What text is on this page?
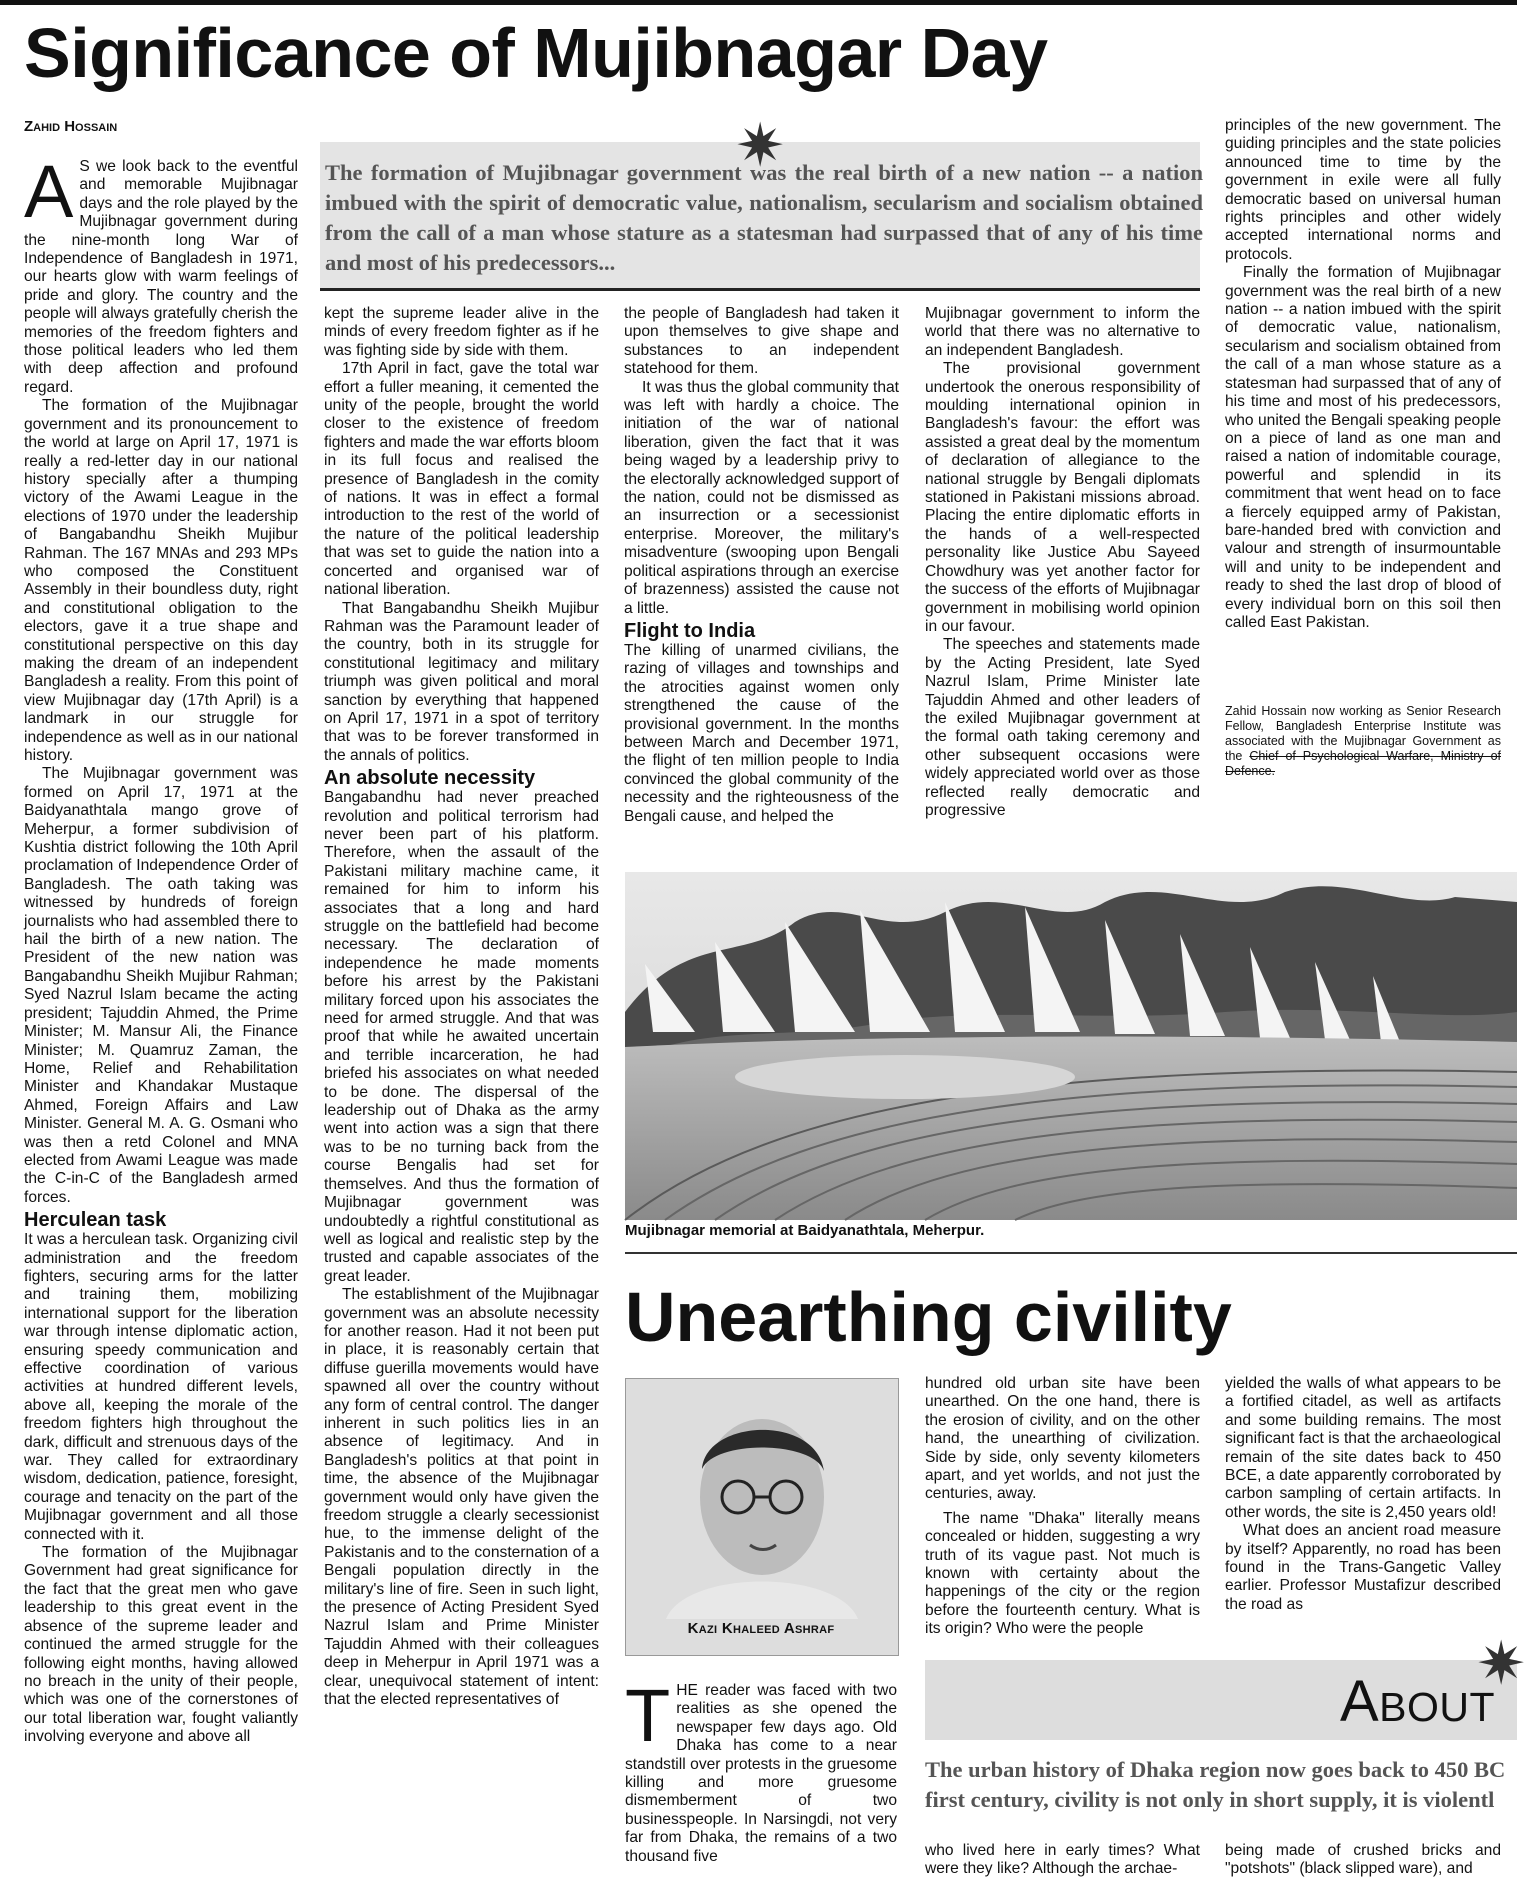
Significance of Mujibnagar Day
Zahid Hossain	✷
The formation of Mujibnagar government was the real birth of a new nation -- a nation imbued with the spirit of democratic value, nationalism, secularism and socialism obtained from the call of a man whose stature as a statesman had surpassed that of any of his time and most of his predecessors...

A S we look back to the eventful and memorable Mujibnagar days and the role played by the Mujibnagar government during the nine-month long War of Independence of Bangladesh in 1971, our hearts glow with warm feelings of pride and glory. The country and the people will always gratefully cherish the memories of the freedom fighters and those political leaders who led them with deep affection and profound regard.

The formation of the Mujibnagar government and its pronouncement to the world at large on April 17, 1971 is really a red-letter day in our national history specially after a thumping victory of the Awami League in the elections of 1970 under the leadership of Bangabandhu Sheikh Mujibur Rahman. The 167 MNAs and 293 MPs who composed the Constituent Assembly in their boundless duty, right and constitutional obligation to the electors, gave it a true shape and constitutional perspective on this day making the dream of an independent Bangladesh a reality. From this point of view Mujibnagar day (17th April) is a landmark in our struggle for independence as well as in our national history.

The Mujibnagar government was formed on April 17, 1971 at the Baidyanathtala mango grove of Meherpur, a former subdivision of Kushtia district following the 10th April proclamation of Independence Order of Bangladesh. The oath taking was witnessed by hundreds of foreign journalists who had assembled there to hail the birth of a new nation. The President of the new nation was Bangabandhu Sheikh Mujibur Rahman; Syed Nazrul Islam became the acting president; Tajuddin Ahmed, the Prime Minister; M. Mansur Ali, the Finance Minister; M. Quamruz Zaman, the Home, Relief and Rehabilitation Minister and Khandakar Mustaque Ahmed, Foreign Affairs and Law Minister. General M. A. G. Osmani who was then a retd Colonel and MNA elected from Awami League was made the C-in-C of the Bangladesh armed forces.

Herculean task

It was a herculean task. Organizing civil administration and the freedom fighters, securing arms for the latter and training them, mobilizing international support for the liberation war through intense diplomatic action, ensuring speedy communication and effective coordination of various activities at hundred different levels, above all, keeping the morale of the freedom fighters high throughout the dark, difficult and strenuous days of the war. They called for extraordinary wisdom, dedication, patience, foresight, courage and tenacity on the part of the Mujibnagar government and all those connected with it.

The formation of the Mujibnagar Government had great significance for the fact that the great men who gave leadership to this great event in the absence of the supreme leader and continued the armed struggle for the following eight months, having allowed no breach in the unity of their people, which was one of the cornerstones of our total liberation war, fought valiantly involving everyone and above all

kept the supreme leader alive in the minds of every freedom fighter as if he was fighting side by side with them.

17th April in fact, gave the total war effort a fuller meaning, it cemented the unity of the people, brought the world closer to the existence of freedom fighters and made the war efforts bloom in its full focus and realised the presence of Bangladesh in the comity of nations. It was in effect a formal introduction to the rest of the world of the nature of the political leadership that was set to guide the nation into a concerted and organised war of national liberation.

That Bangabandhu Sheikh Mujibur Rahman was the Paramount leader of the country, both in its struggle for constitutional legitimacy and military triumph was given political and moral sanction by everything that happened on April 17, 1971 in a spot of territory that was to be forever transformed in the annals of politics.

An absolute necessity

Bangabandhu had never preached revolution and political terrorism had never been part of his platform. Therefore, when the assault of the Pakistani military machine came, it remained for him to inform his associates that a long and hard struggle on the battlefield had become necessary. The declaration of independence he made moments before his arrest by the Pakistani military forced upon his associates the need for armed struggle. And that was proof that while he awaited uncertain and terrible incarceration, he had briefed his associates on what needed to be done. The dispersal of the leadership out of Dhaka as the army went into action was a sign that there was to be no turning back from the course Bengalis had set for themselves. And thus the formation of Mujibnagar government was undoubtedly a rightful constitutional as well as logical and realistic step by the trusted and capable associates of the great leader.

The establishment of the Mujibnagar government was an absolute necessity for another reason. Had it not been put in place, it is reasonably certain that diffuse guerilla movements would have spawned all over the country without any form of central control. The danger inherent in such politics lies in an absence of legitimacy. And in Bangladesh's politics at that point in time, the absence of the Mujibnagar government would only have given the freedom struggle a clearly secessionist hue, to the immense delight of the Pakistanis and to the consternation of a Bengali population directly in the military's line of fire. Seen in such light, the presence of Acting President Syed Nazrul Islam and Prime Minister Tajuddin Ahmed with their colleagues deep in Meherpur in April 1971 was a clear, unequivocal statement of intent: that the elected representatives of

the people of Bangladesh had taken it upon themselves to give shape and substances to an independent statehood for them.

It was thus the global community that was left with hardly a choice. The initiation of the war of national liberation, given the fact that it was being waged by a leadership privy to the electorally acknowledged support of the nation, could not be dismissed as an insurrection or a secessionist enterprise. Moreover, the military's misadventure (swooping upon Bengali political aspirations through an exercise of brazenness) assisted the cause not a little.

Flight to India

The killing of unarmed civilians, the razing of villages and townships and the atrocities against women only strengthened the cause of the provisional government. In the months between March and December 1971, the flight of ten million people to India convinced the global community of the necessity and the righteousness of the Bengali cause, and helped the

Mujibnagar government to inform the world that there was no alternative to an independent Bangladesh.

The provisional government undertook the onerous responsibility of moulding international opinion in Bangladesh's favour: the effort was assisted a great deal by the momentum of declaration of allegiance to the national struggle by Bengali diplomats stationed in Pakistani missions abroad. Placing the entire diplomatic efforts in the hands of a well-respected personality like Justice Abu Sayeed Chowdhury was yet another factor for the success of the efforts of Mujibnagar government in mobilising world opinion in our favour.

The speeches and statements made by the Acting President, late Syed Nazrul Islam, Prime Minister late Tajuddin Ahmed and other leaders of the exiled Mujibnagar government at the formal oath taking ceremony and other subsequent occasions were widely appreciated world over as those reflected really democratic and progressive

principles of the new government. The guiding principles and the state policies announced time to time by the government in exile were all fully democratic based on universal human rights principles and other widely accepted international norms and protocols.

Finally the formation of Mujibnagar government was the real birth of a new nation -- a nation imbued with the spirit of democratic value, nationalism, secularism and socialism obtained from the call of a man whose stature as a statesman had surpassed that of any of his time and most of his predecessors, who united the Bengali speaking people on a piece of land as one man and raised a nation of indomitable courage, powerful and splendid in its commitment that went head on to face a fiercely equipped army of Pakistan, bare-handed bred with conviction and valour and strength of insurmountable will and unity to be independent and ready to shed the last drop of blood of every individual born on this soil then called East Pakistan.

Zahid Hossain now working as Senior Research Fellow, Bangladesh Enterprise Institute was associated with the Mujibnagar Government as the Chief of Psychological Warfare, Ministry of Defence.
Mujibnagar memorial at Baidyanathtala, Meherpur.
Unearthing civility
Kazi Khaleed Ashraf

THE reader was faced with two realities as she opened the newspaper few days ago. Old Dhaka has come to a near standstill over protests in the gruesome killing and more gruesome dismemberment of two businesspeople. In Narsingdi, not very far from Dhaka, the remains of a two thousand five

hundred old urban site have been unearthed. On the one hand, there is the erosion of civility, and on the other hand, the unearthing of civilization. Side by side, only seventy kilometers apart, and yet worlds, and not just the centuries, away.

The name "Dhaka" literally means concealed or hidden, suggesting a wry truth of its vague past. Not much is known with certainty about the happenings of the city or the region before the fourteenth century. What is its origin? Who were the people

who lived here in early times? What were they like? Although the archae-

yielded the walls of what appears to be a fortified citadel, as well as artifacts and some building remains. The most significant fact is that the archaeological remain of the site dates back to 450 BCE, a date apparently corroborated by carbon sampling of certain artifacts. In other words, the site is 2,450 years old!

What does an ancient road measure by itself? Apparently, no road has been found in the Trans-Gangetic Valley earlier. Professor Mustafizur described the road as

being made of crushed bricks and "potshots" (black slipped ware), and

✷
About
The urban history of Dhaka region now goes back to 450 BC
first century, civility is not only in short supply, it is violentl
